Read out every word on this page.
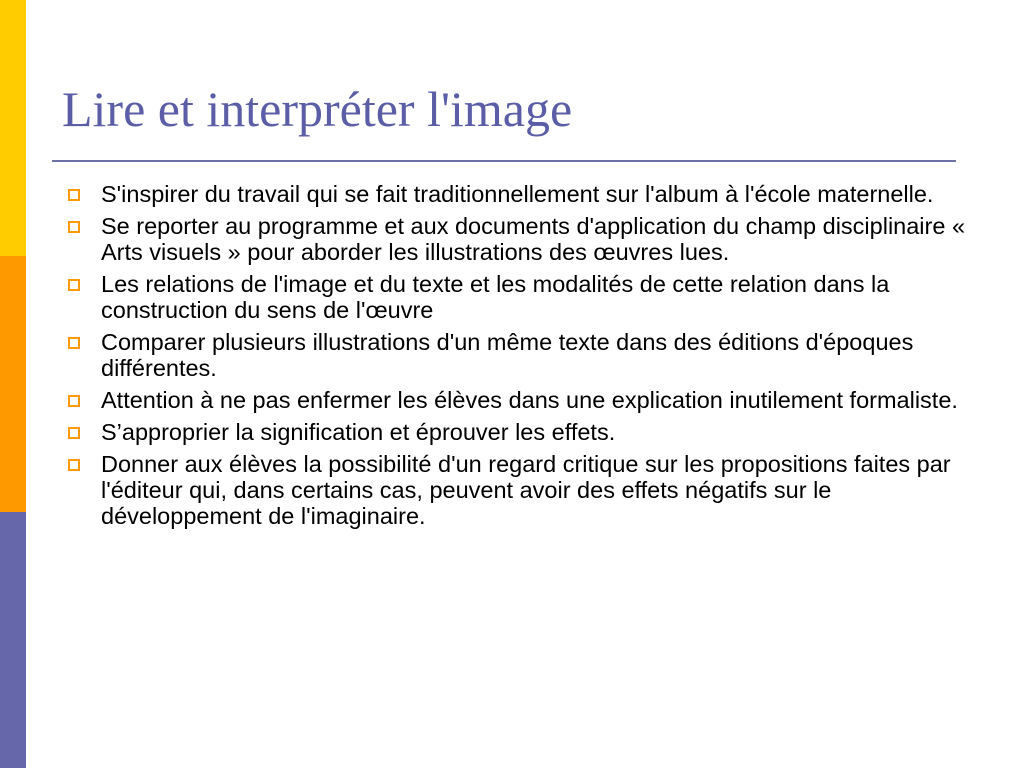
Lire et interpréter l'image
S'inspirer du travail qui se fait traditionnellement sur l'album à l'école maternelle.
Se reporter au programme et aux documents d'application du champ disciplinaire « Arts visuels » pour aborder les illustrations des œuvres lues.
Les relations de l'image et du texte et les modalités de cette relation dans la construction du sens de l'œuvre
Comparer plusieurs illustrations d'un même texte dans des éditions d'époques différentes.
Attention à ne pas enfermer les élèves dans une explication inutilement formaliste.
S’approprier la signification et éprouver les effets.
Donner aux élèves la possibilité d'un regard critique sur les propositions faites par l'éditeur qui, dans certains cas, peuvent avoir des effets négatifs sur le développement de l'imaginaire.
